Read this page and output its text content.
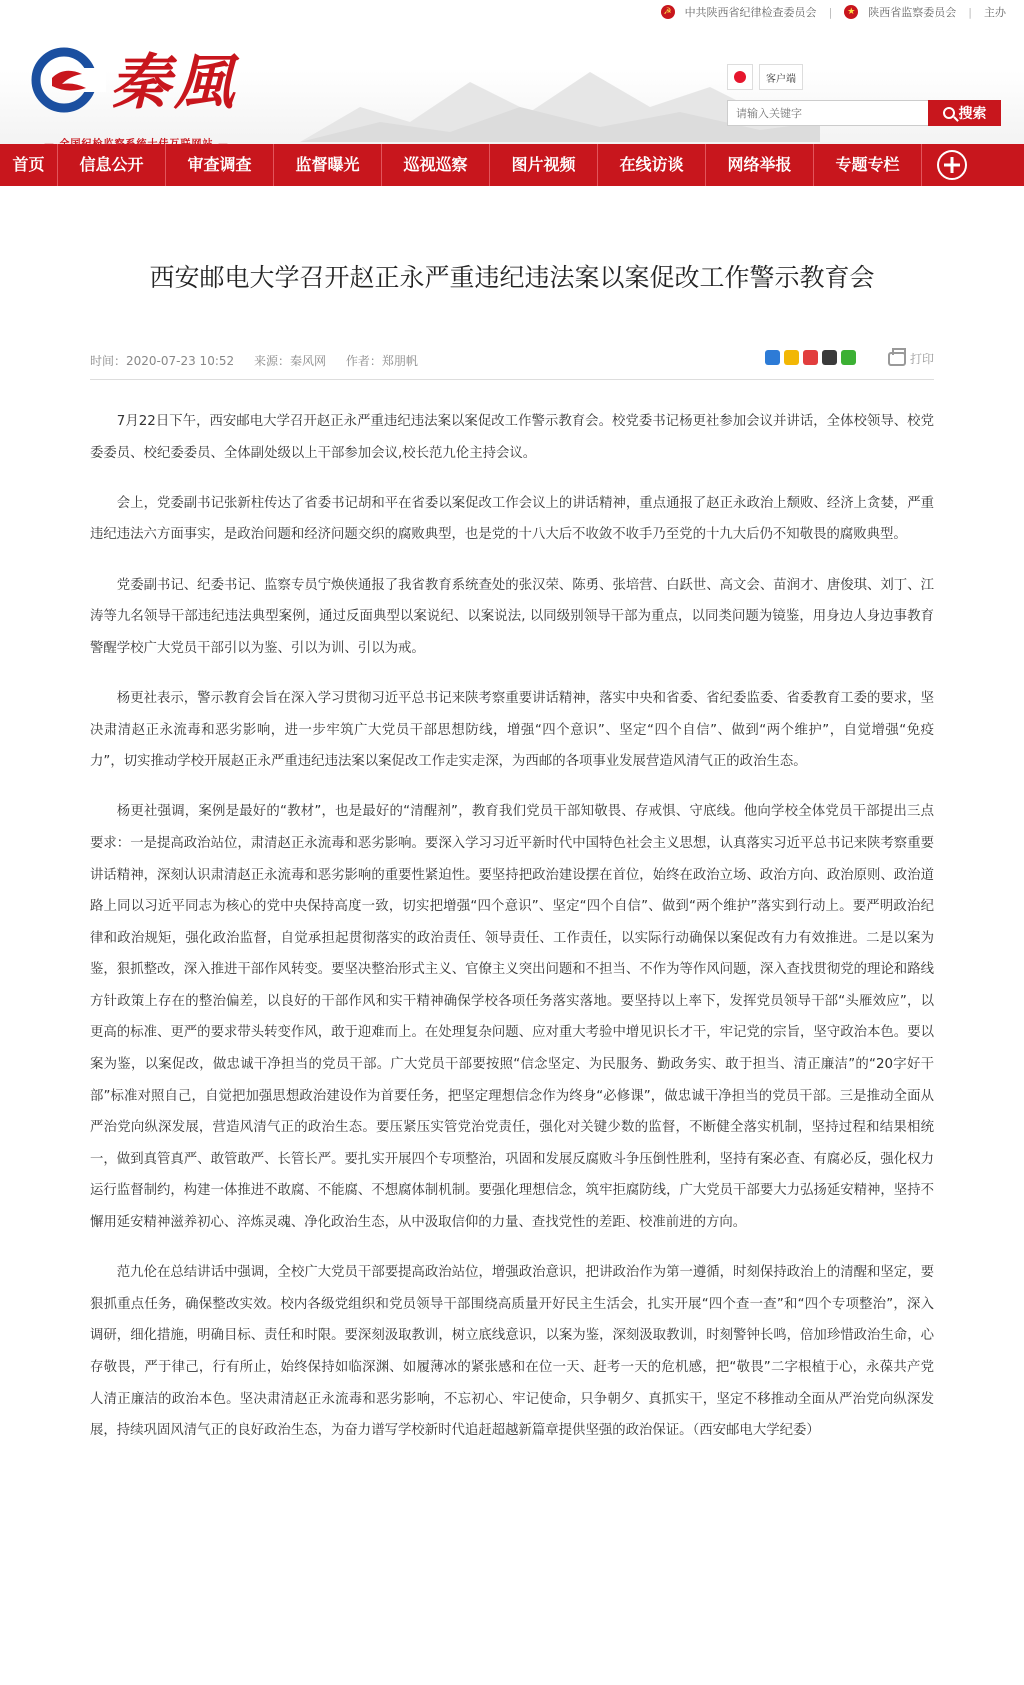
☭ 中共陕西省纪律检查委员会 |	★ 陕西省监察委员会 | 主办
秦風	客户端
请输入关键字
搜索
首页	信息公开	审查调查	监督曝光	巡视巡察	图片视频	在线访谈	网络举报	专题专栏
西安邮电大学召开赵正永严重违纪违法案以案促改工作警示教育会
时间：2020-07-23 10:52 来源：秦风网 作者：郑朋帆	打印

7月22日下午，西安邮电大学召开赵正永严重违纪违法案以案促改工作警示教育会。校党委书记杨更社参加会议并讲话，全体校领导、校党委委员、校纪委委员、全体副处级以上干部参加会议,校长范九伦主持会议。

会上，党委副书记张新柱传达了省委书记胡和平在省委以案促改工作会议上的讲话精神，重点通报了赵正永政治上颓败、经济上贪婪，严重违纪违法六方面事实，是政治问题和经济问题交织的腐败典型，也是党的十八大后不收敛不收手乃至党的十九大后仍不知敬畏的腐败典型。

党委副书记、纪委书记、监察专员宁焕侠通报了我省教育系统查处的张汉荣、陈勇、张培营、白跃世、高文会、苗润才、唐俊琪、刘丁、江涛等九名领导干部违纪违法典型案例，通过反面典型以案说纪、以案说法, 以同级别领导干部为重点，以同类问题为镜鉴，用身边人身边事教育警醒学校广大党员干部引以为鉴、引以为训、引以为戒。

杨更社表示，警示教育会旨在深入学习贯彻习近平总书记来陕考察重要讲话精神，落实中央和省委、省纪委监委、省委教育工委的要求，坚决肃清赵正永流毒和恶劣影响，进一步牢筑广大党员干部思想防线，增强“四个意识”、坚定“四个自信”、做到“两个维护”，自觉增强“免疫力”，切实推动学校开展赵正永严重违纪违法案以案促改工作走实走深，为西邮的各项事业发展营造风清气正的政治生态。

杨更社强调，案例是最好的“教材”，也是最好的“清醒剂”，教育我们党员干部知敬畏、存戒惧、守底线。他向学校全体党员干部提出三点要求：一是提高政治站位，肃清赵正永流毒和恶劣影响。要深入学习习近平新时代中国特色社会主义思想，认真落实习近平总书记来陕考察重要讲话精神，深刻认识肃清赵正永流毒和恶劣影响的重要性紧迫性。要坚持把政治建设摆在首位，始终在政治立场、政治方向、政治原则、政治道路上同以习近平同志为核心的党中央保持高度一致，切实把增强“四个意识”、坚定“四个自信”、做到“两个维护”落实到行动上。要严明政治纪律和政治规矩，强化政治监督，自觉承担起贯彻落实的政治责任、领导责任、工作责任，以实际行动确保以案促改有力有效推进。二是以案为鉴，狠抓整改，深入推进干部作风转变。要坚决整治形式主义、官僚主义突出问题和不担当、不作为等作风问题，深入查找贯彻党的理论和路线方针政策上存在的整治偏差，以良好的干部作风和实干精神确保学校各项任务落实落地。要坚持以上率下，发挥党员领导干部“头雁效应”，以更高的标准、更严的要求带头转变作风，敢于迎难而上。在处理复杂问题、应对重大考验中增见识长才干，牢记党的宗旨，坚守政治本色。要以案为鉴，以案促改，做忠诚干净担当的党员干部。广大党员干部要按照“信念坚定、为民服务、勤政务实、敢于担当、清正廉洁”的“20字好干部”标准对照自己，自觉把加强思想政治建设作为首要任务，把坚定理想信念作为终身“必修课”，做忠诚干净担当的党员干部。三是推动全面从严治党向纵深发展，营造风清气正的政治生态。要压紧压实管党治党责任，强化对关键少数的监督，不断健全落实机制，坚持过程和结果相统一，做到真管真严、敢管敢严、长管长严。要扎实开展四个专项整治，巩固和发展反腐败斗争压倒性胜利，坚持有案必查、有腐必反，强化权力运行监督制约，构建一体推进不敢腐、不能腐、不想腐体制机制。要强化理想信念，筑牢拒腐防线，广大党员干部要大力弘扬延安精神，坚持不懈用延安精神滋养初心、淬炼灵魂、净化政治生态，从中汲取信仰的力量、查找党性的差距、校准前进的方向。

范九伦在总结讲话中强调，全校广大党员干部要提高政治站位，增强政治意识，把讲政治作为第一遵循，时刻保持政治上的清醒和坚定，要狠抓重点任务，确保整改实效。校内各级党组织和党员领导干部围绕高质量开好民主生活会，扎实开展“四个查一查”和“四个专项整治”，深入调研，细化措施，明确目标、责任和时限。要深刻汲取教训，树立底线意识，以案为鉴，深刻汲取教训，时刻警钟长鸣，倍加珍惜政治生命，心存敬畏，严于律己，行有所止，始终保持如临深渊、如履薄冰的紧张感和在位一天、赶考一天的危机感，把“敬畏”二字根植于心，永葆共产党人清正廉洁的政治本色。坚决肃清赵正永流毒和恶劣影响，不忘初心、牢记使命，只争朝夕、真抓实干，坚定不移推动全面从严治党向纵深发展，持续巩固风清气正的良好政治生态，为奋力谱写学校新时代追赶超越新篇章提供坚强的政治保证。（西安邮电大学纪委）
